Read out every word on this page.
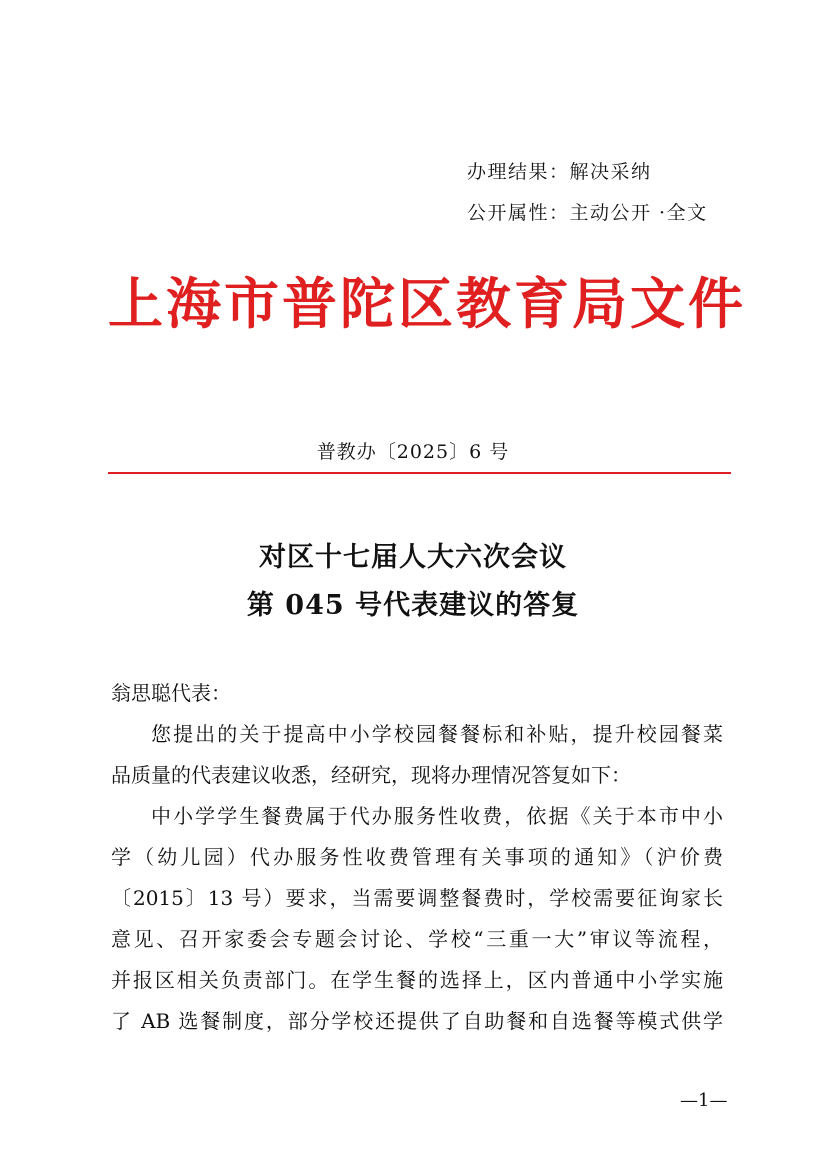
办理结果：解决采纳
公开属性：主动公开 ·全文
上海市普陀区教育局文件
普教办〔2025〕6 号
对区十七届人大六次会议
第 045 号代表建议的答复
翁思聪代表：
您提出的关于提高中小学校园餐餐标和补贴，提升校园餐菜
品质量的代表建议收悉，经研究，现将办理情况答复如下：
中小学学生餐费属于代办服务性收费，依据《关于本市中小
学（幼儿园）代办服务性收费管理有关事项的通知》（沪价费
〔2015〕13 号）要求，当需要调整餐费时，学校需要征询家长
意见、召开家委会专题会讨论、学校“三重一大”审议等流程，
并报区相关负责部门。在学生餐的选择上，区内普通中小学实施
了 AB 选餐制度，部分学校还提供了自助餐和自选餐等模式供学
—1—
